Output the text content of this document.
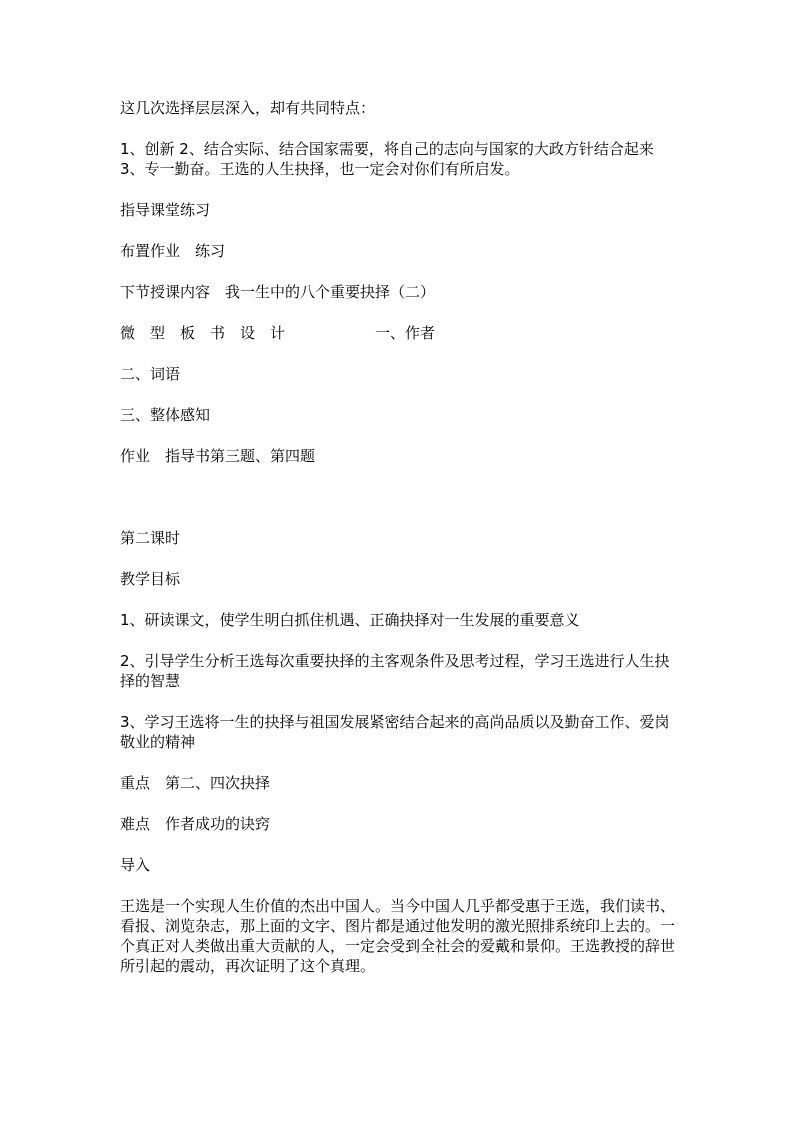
这几次选择层层深入，却有共同特点：

1、创新 2、结合实际、结合国家需要，将自己的志向与国家的大政方针结合起来 3、专一勤奋。王选的人生抉择，也一定会对你们有所启发。

指导课堂练习

布置作业　练习

下节授课内容　我一生中的八个重要抉择（二）

微　型　板　书　设　计　　　　　　一、作者

二、词语

三、整体感知

作业　指导书第三题、第四题

第二课时

教学目标

1、研读课文，使学生明白抓住机遇、正确抉择对一生发展的重要意义

2、引导学生分析王选每次重要抉择的主客观条件及思考过程，学习王选进行人生抉择的智慧

3、学习王选将一生的抉择与祖国发展紧密结合起来的高尚品质以及勤奋工作、爱岗敬业的精神

重点　第二、四次抉择

难点　作者成功的诀窍

导入

王选是一个实现人生价值的杰出中国人。当今中国人几乎都受惠于王选，我们读书、看报、浏览杂志，那上面的文字、图片都是通过他发明的激光照排系统印上去的。一个真正对人类做出重大贡献的人，一定会受到全社会的爱戴和景仰。王选教授的辞世所引起的震动，再次证明了这个真理。
